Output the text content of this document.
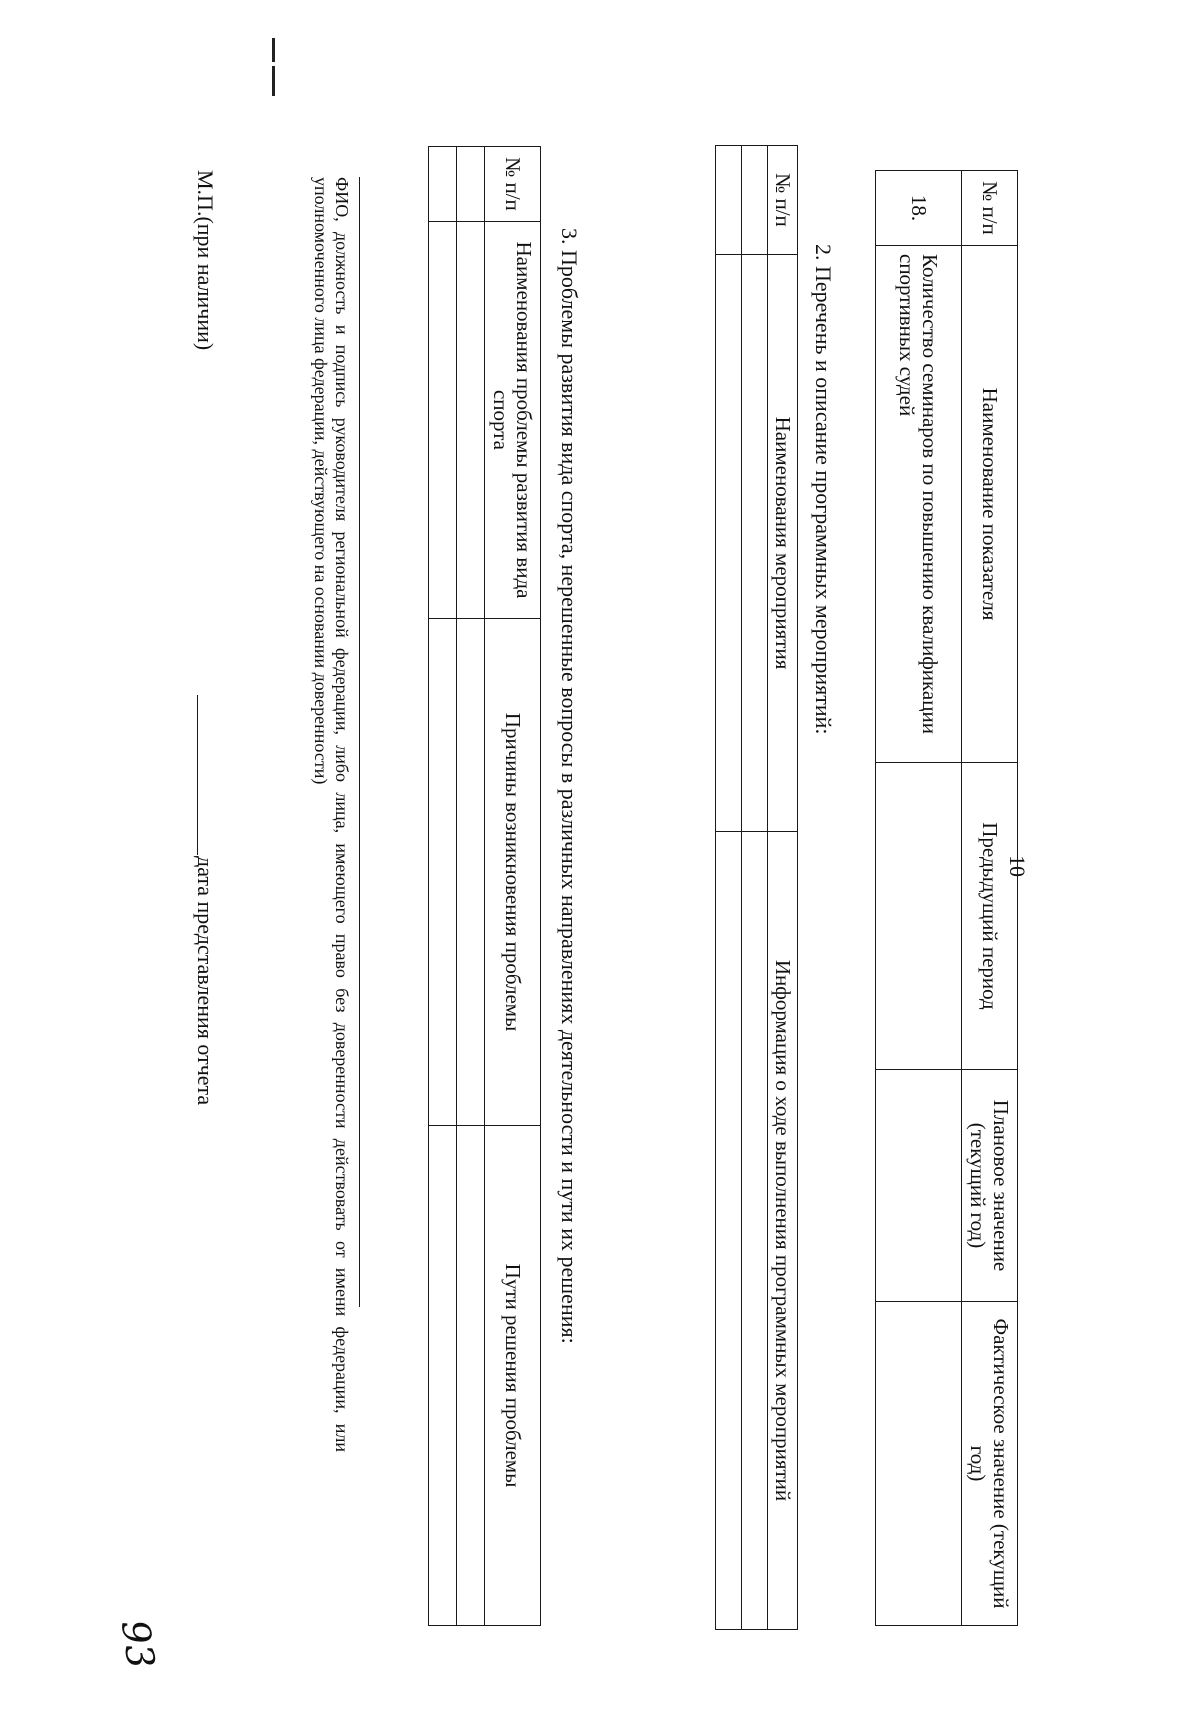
10
№ п/п	Наименование показателя	Предыдущий период	Плановое значение (текущий год)	Фактическое значение (текущий год)
18.	Количество семинаров по повышению квалификации спортивных судей			
2. Перечень и описание программных мероприятий:
№ п/п	Наименования мероприятия	Информация о ходе выполнения программных мероприятий

3. Проблемы развития вида спорта, нерешенные вопросы в различных направлениях деятельности и пути их решения:
№ п/п	Наименования проблемы развития вида спорта	Причины возникновения проблемы	Пути решения проблемы

ФИО, должность и подпись руководителя региональной федерации, либо лица, имеющего право без доверенности действовать от имени федерации, или уполномоченного лица федерации, действующего на основании доверенности)
М.П.(при наличии)
дата представления отчета
93
